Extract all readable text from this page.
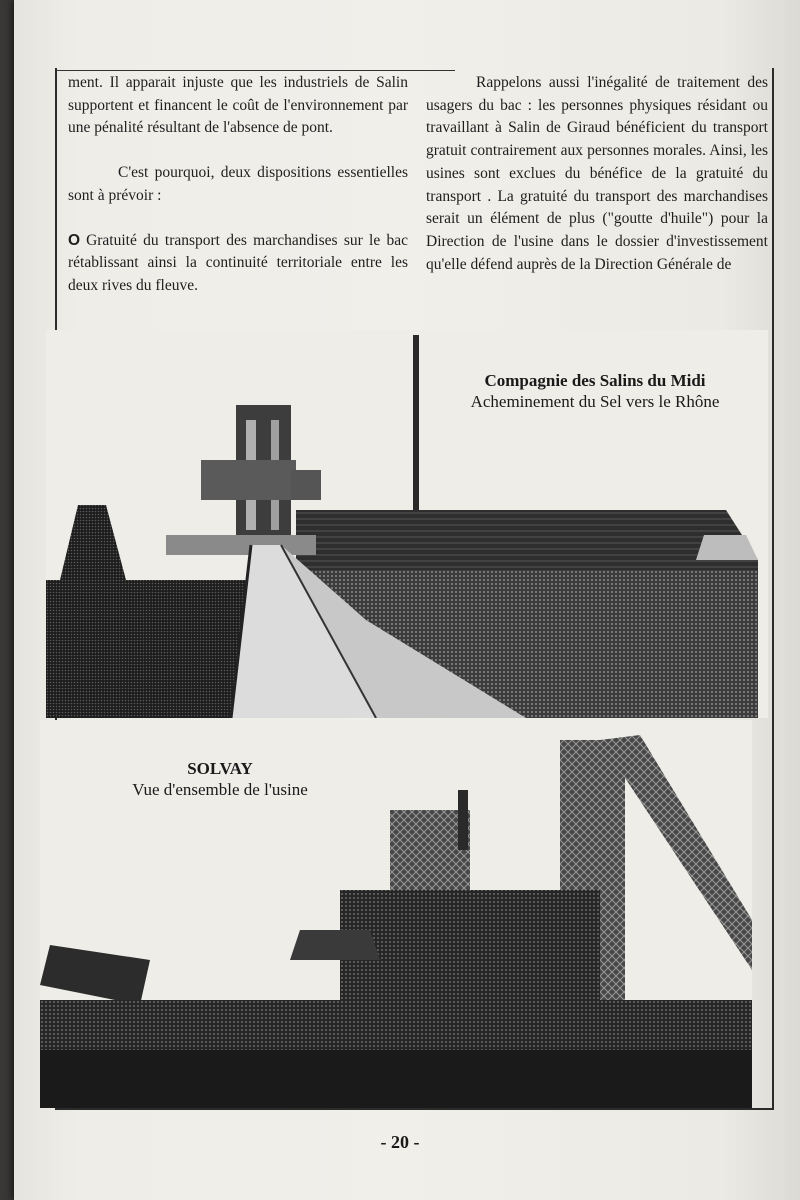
ment. Il apparait injuste que les industriels de Salin supportent et financent le coût de l'environnement par une pénalité résultant de l'absence de pont.

C'est pourquoi, deux dispositions essentielles sont à prévoir :

O Gratuité du transport des marchandises sur le bac rétablissant ainsi la continuité territoriale entre les deux rives du fleuve.

Rappelons aussi l'inégalité de traitement des usagers du bac : les personnes physiques résidant ou travaillant à Salin de Giraud bénéficient du transport gratuit contrairement aux personnes morales. Ainsi, les usines sont exclues du bénéfice de la gratuité du transport . La gratuité du transport des marchandises serait un élément de plus ("goutte d'huile") pour la Direction de l'usine dans le dossier d'investissement qu'elle défend auprès de la Direction Générale de

Compagnie des Salins du Midi
Acheminement du Sel vers le Rhône
SOLVAY
Vue d'ensemble de l'usine
- 20 -
